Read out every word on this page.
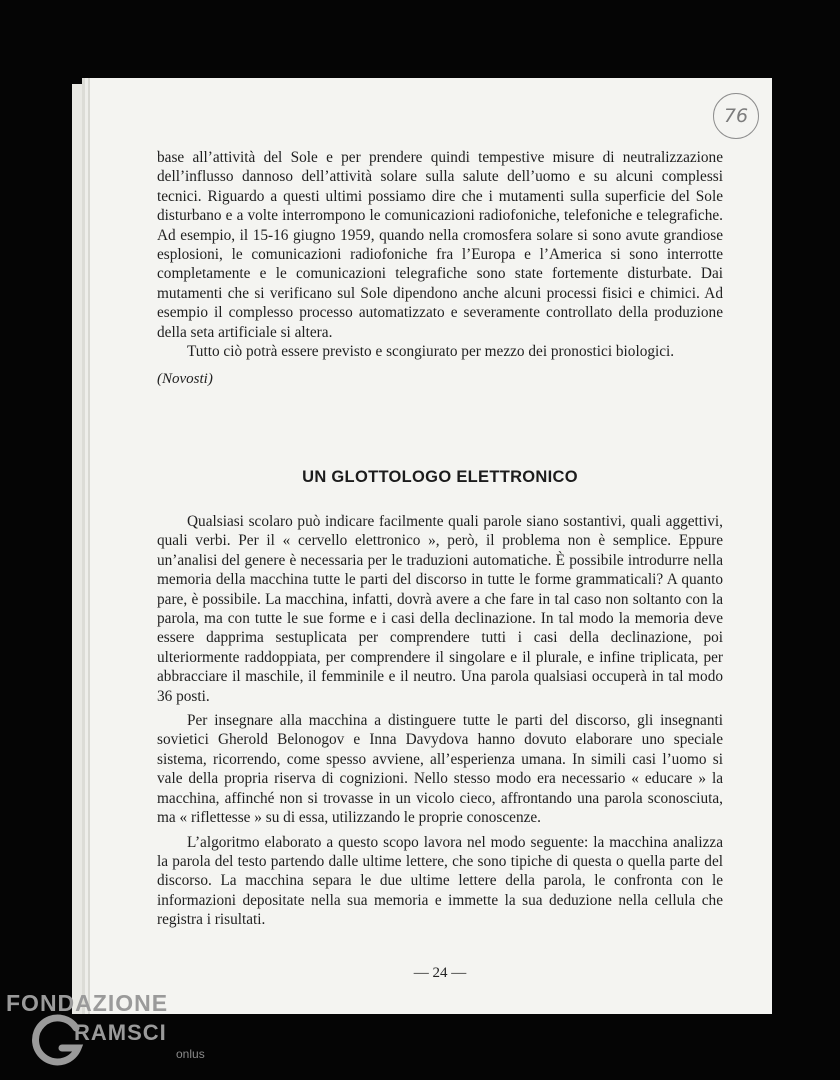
76

base all’attività del Sole e per prendere quindi tempestive misure di neutralizzazione dell’influsso dannoso dell’attività solare sulla salute dell’uomo e su alcuni complessi tecnici. Riguardo a questi ultimi possiamo dire che i mutamenti sulla superficie del Sole disturbano e a volte interrompono le comunicazioni radiofoniche, telefoniche e telegrafiche. Ad esempio, il 15-16 giugno 1959, quando nella cromosfera solare si sono avute grandiose esplosioni, le comunicazioni radiofoniche fra l’Europa e l’America si sono interrotte completamente e le comunicazioni telegrafiche sono state fortemente disturbate. Dai mutamenti che si verificano sul Sole dipendono anche alcuni processi fisici e chimici. Ad esempio il complesso processo automatizzato e severamente controllato della produzione della seta artificiale si altera.

Tutto ciò potrà essere previsto e scongiurato per mezzo dei pronostici biologici.

(Novosti)

UN GLOTTOLOGO ELETTRONICO

Qualsiasi scolaro può indicare facilmente quali parole siano sostantivi, quali aggettivi, quali verbi. Per il « cervello elettronico », però, il problema non è semplice. Eppure un’analisi del genere è necessaria per le traduzioni automatiche. È possibile introdurre nella memoria della macchina tutte le parti del discorso in tutte le forme grammaticali? A quanto pare, è possibile. La macchina, infatti, dovrà avere a che fare in tal caso non soltanto con la parola, ma con tutte le sue forme e i casi della declinazione. In tal modo la memoria deve essere dapprima sestuplicata per comprendere tutti i casi della declinazione, poi ulteriormente raddoppiata, per comprendere il singolare e il plurale, e infine triplicata, per abbracciare il maschile, il femminile e il neutro. Una parola qualsiasi occuperà in tal modo 36 posti.

Per insegnare alla macchina a distinguere tutte le parti del discorso, gli insegnanti sovietici Gherold Belonogov e Inna Davydova hanno dovuto elaborare uno speciale sistema, ricorrendo, come spesso avviene, all’esperienza umana. In simili casi l’uomo si vale della propria riserva di cognizioni. Nello stesso modo era necessario « educare » la macchina, affinché non si trovasse in un vicolo cieco, affrontando una parola sconosciuta, ma « riflettesse » su di essa, utilizzando le proprie conoscenze.

L’algoritmo elaborato a questo scopo lavora nel modo seguente: la macchina analizza la parola del testo partendo dalle ultime lettere, che sono tipiche di questa o quella parte del discorso. La macchina separa le due ultime lettere della parola, le confronta con le informazioni depositate nella sua memoria e immette la sua deduzione nella cellula che registra i risultati.

— 24 —
FONDAZIONE
RAMSCI
onlus
